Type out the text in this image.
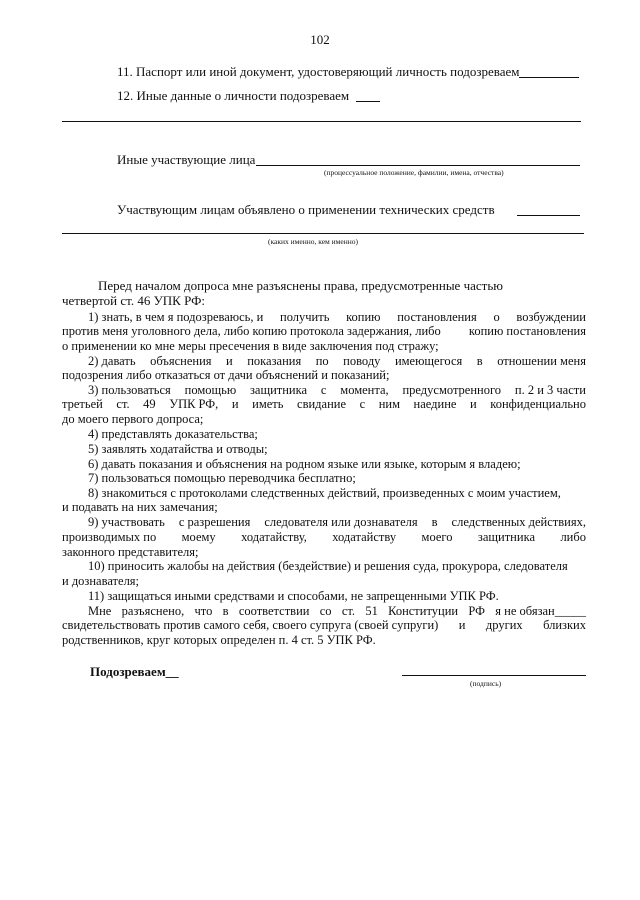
102
11. Паспорт или иной документ, удостоверяющий личность подозреваем
12. Иные данные о личности подозреваем
Иные участвующие лица
(процессуальное положение, фамилии, имена, отчества)
Участвующим лицам объявлено о применении технических средств
(каких именно, кем именно)
Перед началом допроса мне разъяснены права, предусмотренные частью
четвертой ст. 46 УПК РФ:
1) знать, в чем я подозреваюсь, и получить копию постановления о возбуждении
против меня уголовного дела, либо копию протокола задержания, либо копию постановления
2) давать объяснения и показания по поводу имеющегося в отношении меня
3) пользоваться помощью защитника с момента, предусмотренного п. 2 и 3 части
третьей ст. 49 УПК РФ, и иметь свидание с ним наедине и конфиденциально
8) знакомиться с протоколами следственных действий, произведенных с моим участием,
9) участвовать с разрешения следователя или дознавателя в следственных действиях,
производимых по моему ходатайству, ходатайству моего защитника либо
10) приносить жалобы на действия (бездействие) и решения суда, прокурора, следователя
Мне разъяснено, что в соответствии со ст. 51 Конституции РФ я не обязан_____
свидетельствовать против самого себя, своего супруга (своей супруги) и других близких
о применении ко мне меры пресечения в виде заключения под стражу;
подозрения либо отказаться от дачи объяснений и показаний;
до моего первого допроса;
4) представлять доказательства;
5) заявлять ходатайства и отводы;
6) давать показания и объяснения на родном языке или языке, которым я владею;
7) пользоваться помощью переводчика бесплатно;
и подавать на них замечания;
законного представителя;
и дознавателя;
11) защищаться иными средствами и способами, не запрещенными УПК РФ.
родственников, круг которых определен п. 4 ст. 5 УПК РФ.
Подозреваем__
(подпись)
